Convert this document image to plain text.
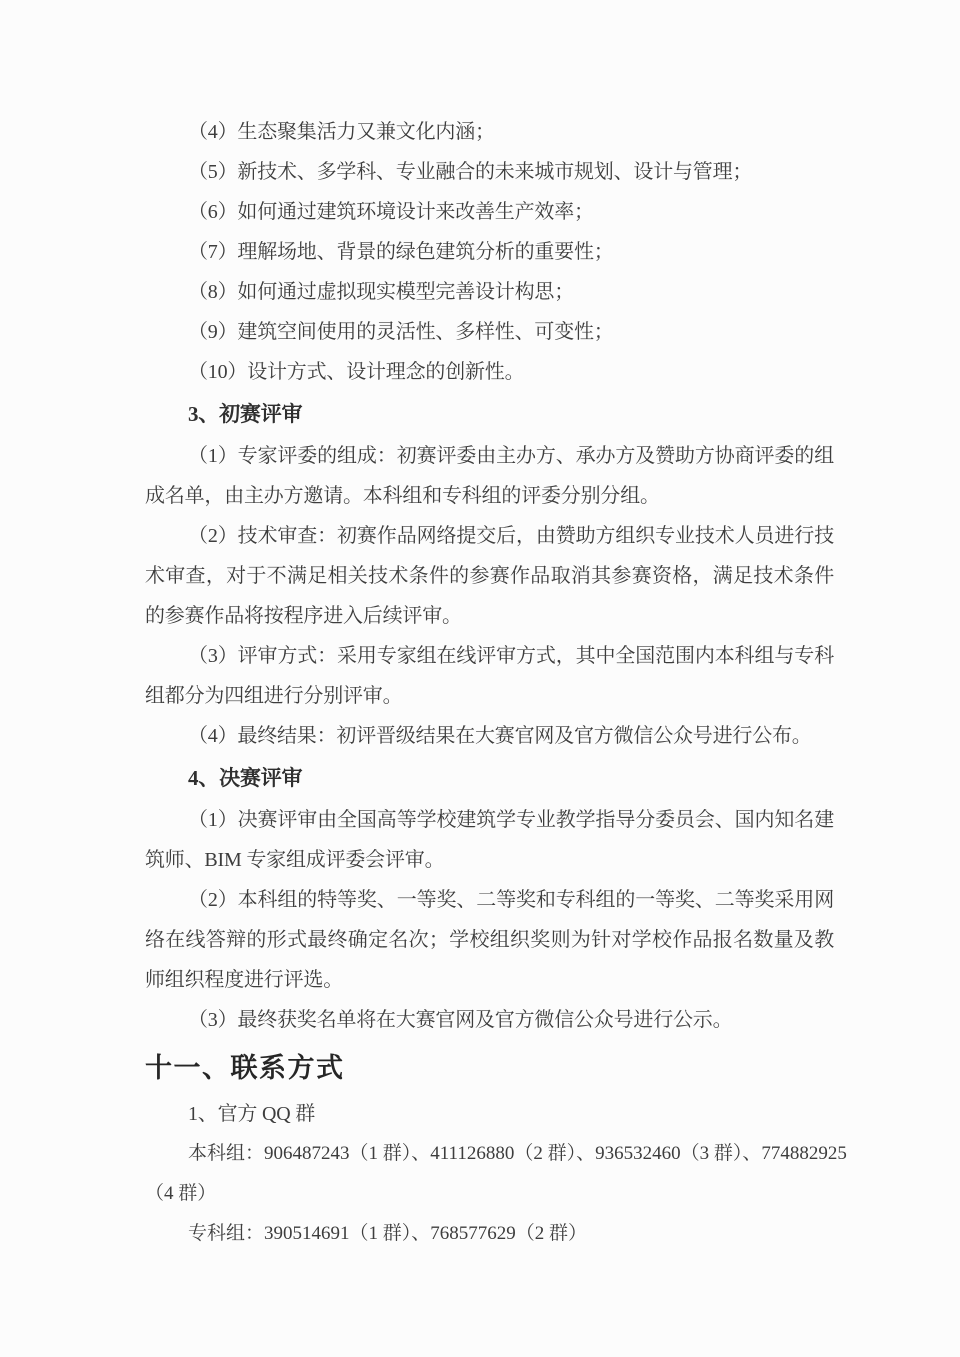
（4）生态聚集活力又兼文化内涵；

（5）新技术、多学科、专业融合的未来城市规划、设计与管理；

（6）如何通过建筑环境设计来改善生产效率；

（7）理解场地、背景的绿色建筑分析的重要性；

（8）如何通过虚拟现实模型完善设计构思；

（9）建筑空间使用的灵活性、多样性、可变性；

（10）设计方式、设计理念的创新性。

3、初赛评审

（1）专家评委的组成：初赛评委由主办方、承办方及赞助方协商评委的组成名单，由主办方邀请。本科组和专科组的评委分别分组。

（2）技术审查：初赛作品网络提交后，由赞助方组织专业技术人员进行技术审查，对于不满足相关技术条件的参赛作品取消其参赛资格，满足技术条件的参赛作品将按程序进入后续评审。

（3）评审方式：采用专家组在线评审方式，其中全国范围内本科组与专科组都分为四组进行分别评审。

（4）最终结果：初评晋级结果在大赛官网及官方微信公众号进行公布。

4、决赛评审

（1）决赛评审由全国高等学校建筑学专业教学指导分委员会、国内知名建筑师、BIM 专家组成评委会评审。

（2）本科组的特等奖、一等奖、二等奖和专科组的一等奖、二等奖采用网络在线答辩的形式最终确定名次；学校组织奖则为针对学校作品报名数量及教师组织程度进行评选。

（3）最终获奖名单将在大赛官网及官方微信公众号进行公示。

十一、联系方式

1、官方 QQ 群

本科组：906487243（1 群）、411126880（2 群）、936532460（3 群）、774882925

（4 群）

专科组：390514691（1 群）、768577629（2 群）
